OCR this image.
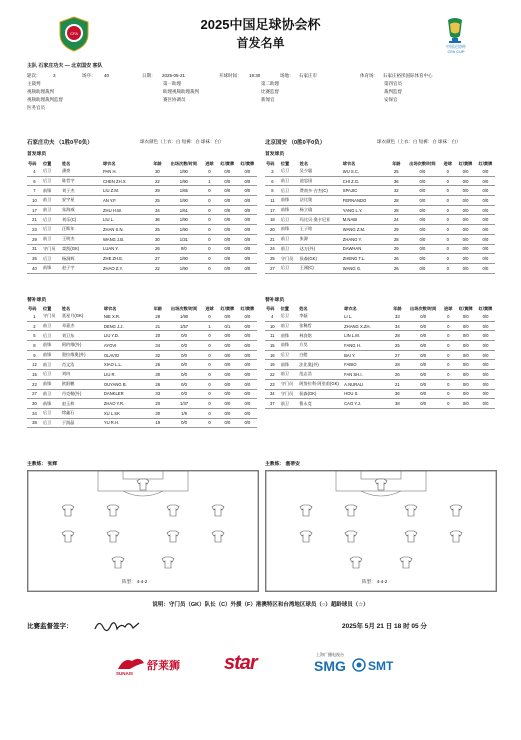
CFA
2025中国足球协会杯
首发名单	中国足协杯
CFA CUP
主队 石家庄功夫 — 北京国安 客队
轮次：	3	场序： 40	日期： 2025-05-21	开球时间： 19:30	场地： 石家庄市	体育场： 石家庄裕彤国际体育中心
主裁判	第一助理	第二助理	第四官员
视频助理裁判	助理视频助理裁判	比赛监督	裁判监督
视频助理裁判监督	赛区协调员	新闻官	安保官
医务官员
石家庄功夫 （1胜0平0负）	球衣颜色（上衣：白 短裤：白 球袜：白）	北京国安 （0胜0平0负）	球衣颜色（上衣：白 短裤：白 球袜：白）
首发球员	首发球员
号码	位置	姓名	球衣名	年龄	出场次数/时间	进球	红/黄牌	红/黄牌
4	后卫	潘豪	PAN H.	30	1/90	0	0/0	0/0
6	后卫	陈哲宇	CHEN ZH.X.	22	1/90	1	0/0	0/0
7	前锋	刘子杰	LIU Z.M.	29	1/65	0	0/0	0/0
10	前卫	安宇星	AN Y.F.	25	1/90	0	0/0	0/0
17	前卫	朱海威	ZHU H.W.	34	1/61	0	0/0	0/0
21	后卫	刘乐(C)	LIU L.	36	1/90	0	0/0	0/0
23	后卫	汪斯年	ZHAN S.N.	25	1/90	0	0/0	0/0
29	前卫	王明杰	WANG J.B.	30	1/31	0	0/0	0/0
31	守门员	栾凯(GK)	LUAN Y.	26	0/0	0	0/0	0/0
35	后卫	杨洞辉	ZHE ZH.E.	27	1/90	0	0/0	0/0
40	前锋	赵子宇	ZHAO Z.Y.	22	1/90	0	0/0	0/0
号码	位置	姓名	球衣名	年龄	出场次数/时间	进球	红/黄牌	红/黄牌
3	后卫	吴少聪	WU S.C.	25	0/0	0	0/0	0/0
6	前卫	池忠国	CHI Z.G.	36	0/0	0	0/0	0/0
8	后卫	费南多·吉杰(C)	SPAJIC	32	0/0	0	0/0	0/0
11	前锋	法比奥	FERNANDO	28	0/0	0	0/0	0/0
17	前锋	杨立瑜	YANG L.Y.	28	0/0	0	0/0	0/0
18	后卫	玛比贝·奥卡尼亚	M.NABI	24	0/0	0	0/0	0/0
20	前锋	王子铭	WANG Z.M.	29	0/0	0	0/0	0/0
21	前卫	张源	ZHANG Y.	28	0/0	0	0/0	0/0
24	前卫	达万(外)	DAWHAN	29	0/0	0	0/0	0/0
25	守门员	侯森(GK)	ZHENG T.L.	26	0/0	0	0/0	0/0
27	后卫	王刚(C)	WANG G.	26	0/0	0	0/0	0/0
替补球员	替补球员
号码	位置	姓名	球衣名	年龄	出场次数/时间	进球	红/黄牌	红/黄牌
1	守门员	聂星月(GK)	NIE X.R.	28	1/90	0	0/0	0/0
2	前卫	邓嘉杰	DENG J.J.	21	1/57	1	0/1	0/0
5	后卫	刘卫东	LIU Y.D.	20	0/0	0	0/0	0/0
8	前锋	阿约维(外)	AYOVI	34	0/0	0	0/0	0/0
9	前锋	奥拉维奥(外)	OLAVIO	32	0/0	0	0/0	0/0
12	前卫	肖文浩	XIAO L.L.	25	0/0	0	0/0	0/0
15	后卫	刘冉	LIU R.	30	0/0	0	0/0	0/0
22	前锋	欧阳鹏	OUYANG B.	26	0/0	0	0/0	0/0
27	前卫	丹克勒(外)	DANKLER	33	0/0	0	0/0	0/0
30	前锋	赵玉梓	ZHAO Y.R.	20	1/37	0	0/0	0/0
34	后卫	徐鑫石	XU L.SK	30	1/9	0	0/0	0/0
38	后卫	于润晶	YU R.H.	19	0/0	0	0/0	0/0
号码	位置	姓名	球衣名	年龄	出场次数/时间	进球	红/黄牌	红/黄牌
4	后卫	李磊	LI L.	33	0/0	0	0/0	0/0
10	前卫	张稀哲	ZHANG X.ZH.	34	0/0	0	0/0	0/0
11	前锋	林良铭	LIN L.M.	28	0/0	0	0/0	0/0
15	前锋	方昊	FANG H.	25	0/0	0	0/0	0/0
16	后卫	白懿	BAI Y.	27	0/0	0	0/0	0/0
19	前锋	法比奥(外)	FABIO	28	0/0	0	0/0	0/0
22	前卫	范志浩	FAN SH.I.	26	0/0	0	0/0	0/0
23	守门员	阿努拉利·阿里甫(GK)	A.NURALI	21	0/0	0	0/0	0/0
34	守门员	侯森(GK)	HOU S.	36	0/0	0	0/0	0/0
37	前卫	曹永竞	CAO Y.J.	38	0/0	0	0/0	0/0
主教练： 张辉	主教练： 塞蒂安
阵型： 4-4-2	阵型： 4-4-2
说明：守门员（GK）队长（C）外援（F）港澳特区和台湾地区球员（○）超龄球员（☆）
比赛监督签字：	2025年 5月 21 日 18 时 05 分
SUNAIS
舒莱狮 star	上海广播电视台
SMG SMT
